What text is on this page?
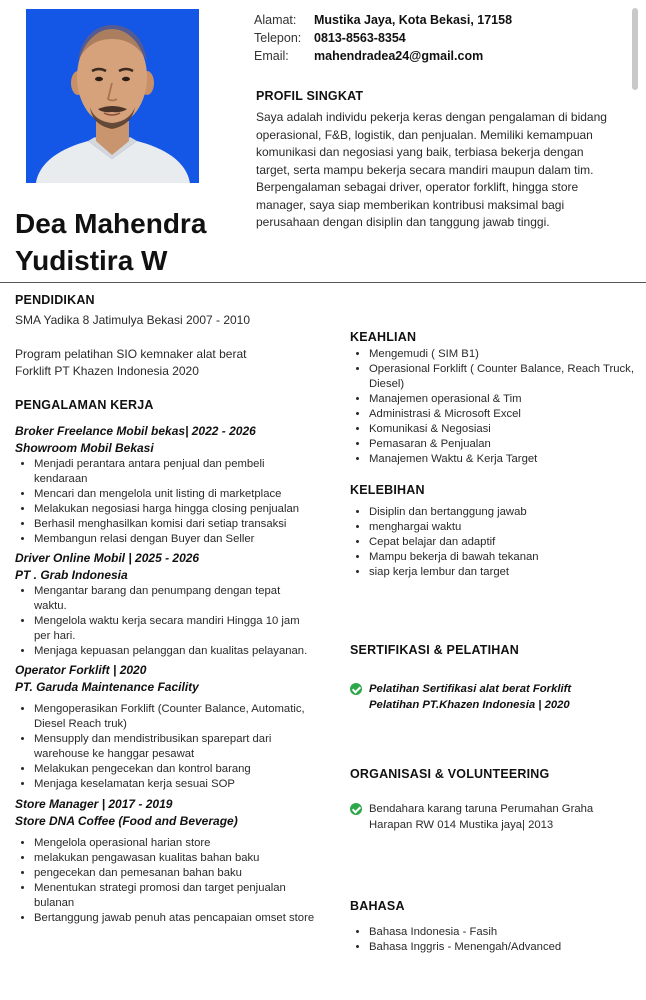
Dea Mahendra
Yudistira W
Alamat:	Mustika Jaya, Kota Bekasi, 17158
Telepon:	0813-8563-8354
Email:	mahendradea24@gmail.com
PROFIL SINGKAT

Saya adalah individu pekerja keras dengan pengalaman di bidang operasional, F&B, logistik, dan penjualan. Memiliki kemampuan komunikasi dan negosiasi yang baik, terbiasa bekerja dengan target, serta mampu bekerja secara mandiri maupun dalam tim. Berpengalaman sebagai driver, operator forklift, hingga store manager, saya siap memberikan kontribusi maksimal bagi perusahaan dengan disiplin dan tanggung jawab tinggi.

PENDIDIKAN

SMA Yadika 8 Jatimulya Bekasi 2007 - 2010

Program pelatihan SIO kemnaker alat berat Forklift PT Khazen Indonesia 2020

PENGALAMAN KERJA

Broker Freelance Mobil bekas| 2022 - 2026

Showroom Mobil Bekasi

• Menjadi perantara antara penjual dan pembeli kendaraan
• Mencari dan mengelola unit listing di marketplace
• Melakukan negosiasi harga hingga closing penjualan
• Berhasil menghasilkan komisi dari setiap transaksi
• Membangun relasi dengan Buyer dan Seller

Driver Online Mobil | 2025 - 2026

PT . Grab Indonesia

• Mengantar barang dan penumpang dengan tepat waktu.
• Mengelola waktu kerja secara mandiri Hingga 10 jam per hari.
• Menjaga kepuasan pelanggan dan kualitas pelayanan.

Operator Forklift | 2020

PT. Garuda Maintenance Facility

• Mengoperasikan Forklift (Counter Balance, Automatic, Diesel Reach truk)
• Mensupply dan mendistribusikan sparepart dari warehouse ke hanggar pesawat
• Melakukan pengecekan dan kontrol barang
• Menjaga keselamatan kerja sesuai SOP

Store Manager | 2017 - 2019

Store DNA Coffee (Food and Beverage)

• Mengelola operasional harian store
• melakukan pengawasan kualitas bahan baku
• pengecekan dan pemesanan bahan baku
• Menentukan strategi promosi dan target penjualan bulanan
• Bertanggung jawab penuh atas pencapaian omset store
KEAHLIAN
• Mengemudi ( SIM B1)
• Operasional Forklift ( Counter Balance, Reach Truck, Diesel)
• Manajemen operasional & Tim
• Administrasi & Microsoft Excel
• Komunikasi & Negosiasi
• Pemasaran & Penjualan
• Manajemen Waktu & Kerja Target
KELEBIHAN
• Disiplin dan bertanggung jawab
• menghargai waktu
• Cepat belajar dan adaptif
• Mampu bekerja di bawah tekanan
• siap kerja lembur dan target
SERTIFIKASI & PELATIHAN
Pelatihan Sertifikasi alat berat Forklift
Pelatihan PT.Khazen Indonesia | 2020
ORGANISASI & VOLUNTEERING
Bendahara karang taruna Perumahan Graha
Harapan RW 014 Mustika jaya| 2013
BAHASA
• Bahasa Indonesia - Fasih
• Bahasa Inggris - Menengah/Advanced
